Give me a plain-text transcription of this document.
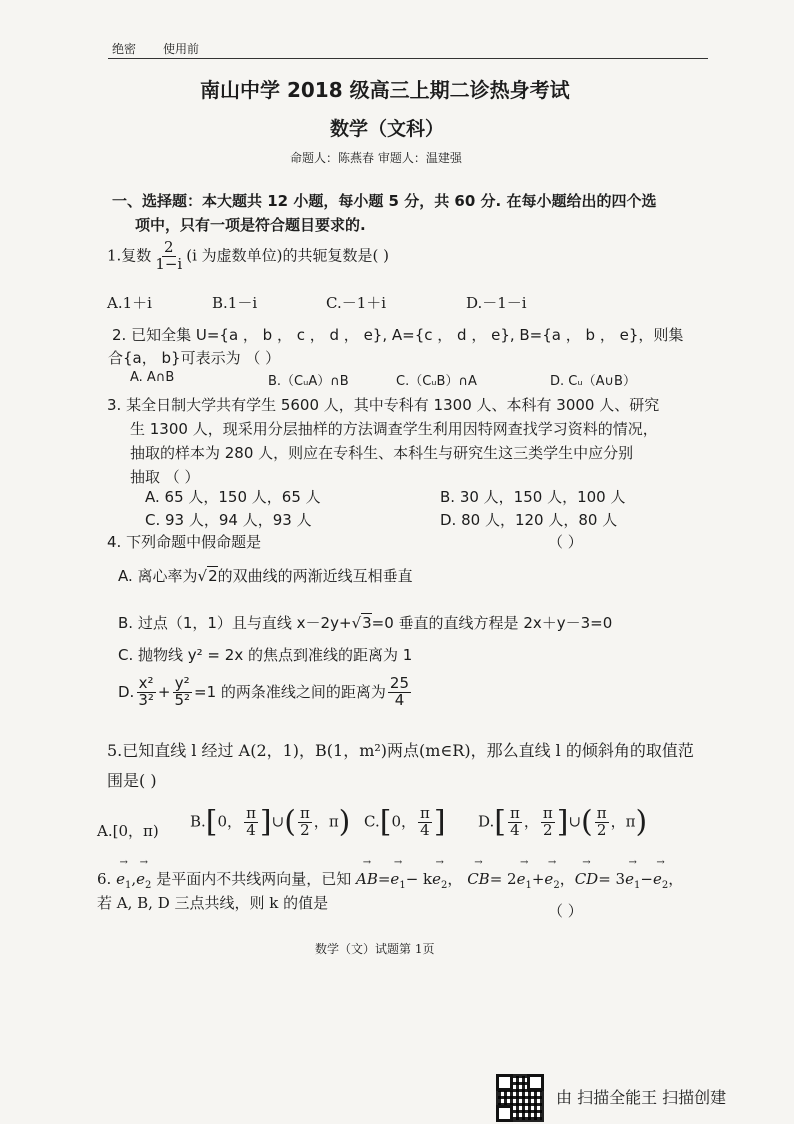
绝密 使用前
南山中学 2018 级高三上期二诊热身考试
数学（文科）
命题人：陈燕春 审题人：温建强
一、选择题：本大题共 12 小题，每小题 5 分，共 60 分. 在每小题给出的四个选
项中，只有一项是符合题目要求的.
1.复数 $\frac{2}{1-i} (i$ 为虚数单位)的共轭复数是( )
A.1＋i	B.1－i	C.－1＋i	D.－1－i
2. 已知全集 U={a ， b ， c ， d ， e}, A={c ， d ， e}, B={a ， b ， e}，则集
合{a， b}可表示为 （ ）
A. A∩B	B.（CᵤA）∩B	C.（CᵤB）∩A	D. Cᵤ（A∪B）
3. 某全日制大学共有学生 5600 人，其中专科有 1300 人、本科有 3000 人、研究
生 1300 人，现采用分层抽样的方法调查学生利用因特网查找学习资料的情况，
抽取的样本为 280 人，则应在专科生、本科生与研究生这三类学生中应分别
抽取 （ ）
A. 65 人，150 人，65 人	B. 30 人，150 人，100 人
C. 93 人，94 人，93 人	D. 80 人，120 人，80 人
4. 下列命题中假命题是	（ ）
A. 离心率为√2的双曲线的两渐近线互相垂直
B. 过点（1，1）且与直线 x－2y+√3=0 垂直的直线方程是 2x＋y－3=0
C. 抛物线 y² = 2x 的焦点到准线的距离为 1
D. $\frac{\text{x²}}{\text{3²}} + \frac{\text{y²}}{\text{5²}} =1$ 的两条准线之间的距离为 $\frac{25}{4}$
5.已知直线 l 经过 A(2，1)，B(1，m²)两点(m∈R)，那么直线 l 的倾斜角的取值范
围是( )
A.[0，π)
B.[0， $\frac{\pi}{4}$ ]∪( $\frac{\pi}{2}$ ，π) C.[0， $\frac{\pi}{4}$ ] $D.[ \frac{\pi}{4}$ ， $\frac{\pi}{2}$ ]∪( $\frac{\pi}{2}$ ，π)
6. $e_1 \to,e_2$ → 是平面内不共线两向量，已知 AB $\to=e_1 \to- ke_2$ →， CB →= $2e_1 \to+e_2$ →，CD →= $3e_1 \to-e_2$ →，
若 A, B, D 三点共线，则 k 的值是	（ ）
数学（文）试题第 1页
由 扫描全能王 扫描创建
